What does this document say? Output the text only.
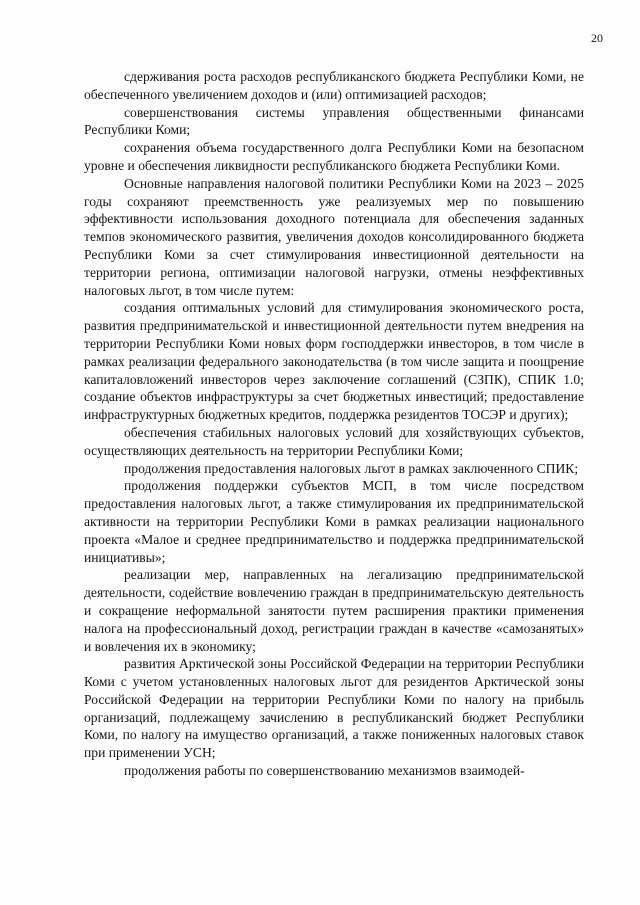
20

сдерживания роста расходов республиканского бюджета Республики Коми, не обеспеченного увеличением доходов и (или) оптимизацией расходов;

совершенствования системы управления общественными финансами Республики Коми;

сохранения объема государственного долга Республики Коми на безопасном уровне и обеспечения ликвидности республиканского бюджета Республики Коми.

Основные направления налоговой политики Республики Коми на 2023 – 2025 годы сохраняют преемственность уже реализуемых мер по повышению эффективности использования доходного потенциала для обеспечения заданных темпов экономического развития, увеличения доходов консолидированного бюджета Республики Коми за счет стимулирования инвестиционной деятельности на территории региона, оптимизации налоговой нагрузки, отмены неэффективных налоговых льгот, в том числе путем:

создания оптимальных условий для стимулирования экономического роста, развития предпринимательской и инвестиционной деятельности путем внедрения на территории Республики Коми новых форм господдержки инвесторов, в том числе в рамках реализации федерального законодательства (в том числе защита и поощрение капиталовложений инвесторов через заключение соглашений (СЗПК), СПИК 1.0; создание объектов инфраструктуры за счет бюджетных инвестиций; предоставление инфраструктурных бюджетных кредитов, поддержка резидентов ТОСЭР и других);

обеспечения стабильных налоговых условий для хозяйствующих субъектов, осуществляющих деятельность на территории Республики Коми;

продолжения предоставления налоговых льгот в рамках заключенного СПИК;

продолжения поддержки субъектов МСП, в том числе посредством предоставления налоговых льгот, а также стимулирования их предпринимательской активности на территории Республики Коми в рамках реализации национального проекта «Малое и среднее предпринимательство и поддержка предпринимательской инициативы»;

реализации мер, направленных на легализацию предпринимательской деятельности, содействие вовлечению граждан в предпринимательскую деятельность и сокращение неформальной занятости путем расширения практики применения налога на профессиональный доход, регистрации граждан в качестве «самозанятых» и вовлечения их в экономику;

развития Арктической зоны Российской Федерации на территории Республики Коми с учетом установленных налоговых льгот для резидентов Арктической зоны Российской Федерации на территории Республики Коми по налогу на прибыль организаций, подлежащему зачислению в республиканский бюджет Республики Коми, по налогу на имущество организаций, а также пониженных налоговых ставок при применении УСН;

продолжения работы по совершенствованию механизмов взаимодей-
